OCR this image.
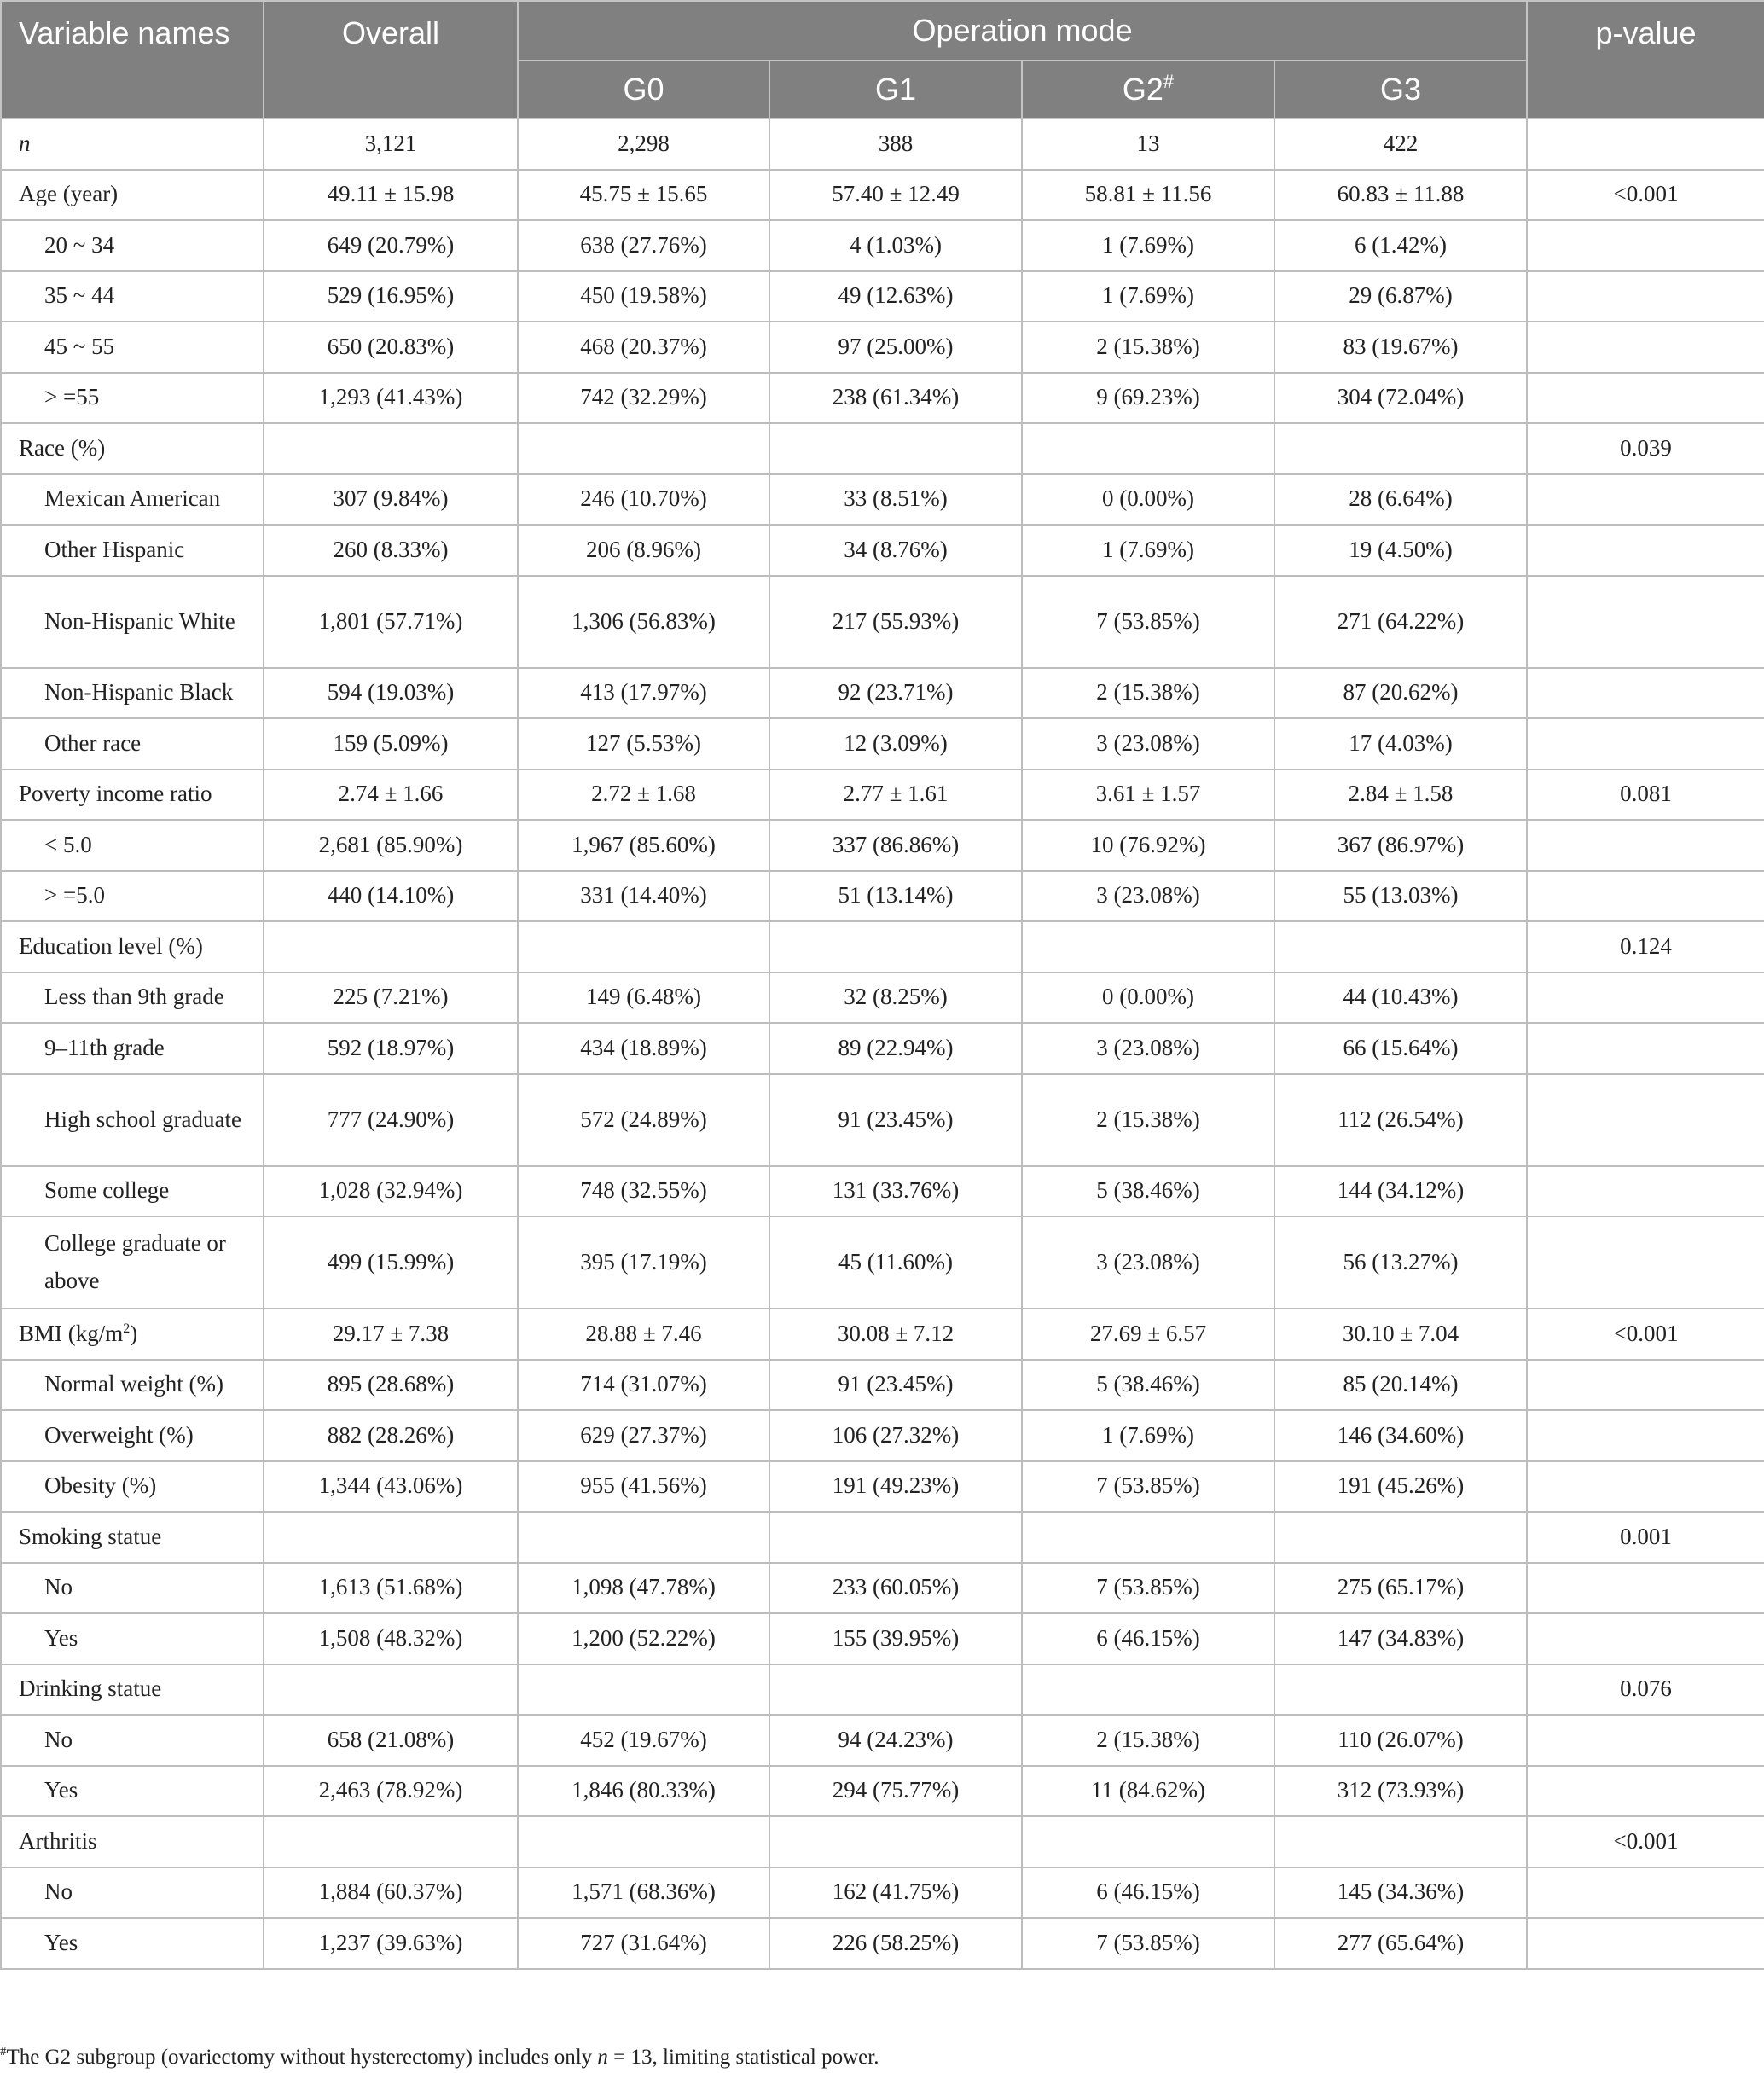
Variable names	Overall	Operation mode				p-value
		G0	G1	G2#	G3	
n	3,121	2,298	388	13	422	
Age (year)	49.11 ± 15.98	45.75 ± 15.65	57.40 ± 12.49	58.81 ± 11.56	60.83 ± 11.88	<0.001
20 ~ 34	649 (20.79%)	638 (27.76%)	4 (1.03%)	1 (7.69%)	6 (1.42%)	
35 ~ 44	529 (16.95%)	450 (19.58%)	49 (12.63%)	1 (7.69%)	29 (6.87%)	
45 ~ 55	650 (20.83%)	468 (20.37%)	97 (25.00%)	2 (15.38%)	83 (19.67%)	
> =55	1,293 (41.43%)	742 (32.29%)	238 (61.34%)	9 (69.23%)	304 (72.04%)	
Race (%)						0.039
Mexican American	307 (9.84%)	246 (10.70%)	33 (8.51%)	0 (0.00%)	28 (6.64%)	
Other Hispanic	260 (8.33%)	206 (8.96%)	34 (8.76%)	1 (7.69%)	19 (4.50%)	
Non-Hispanic White	1,801 (57.71%)	1,306 (56.83%)	217 (55.93%)	7 (53.85%)	271 (64.22%)	
Non-Hispanic Black	594 (19.03%)	413 (17.97%)	92 (23.71%)	2 (15.38%)	87 (20.62%)	
Other race	159 (5.09%)	127 (5.53%)	12 (3.09%)	3 (23.08%)	17 (4.03%)	
Poverty income ratio	2.74 ± 1.66	2.72 ± 1.68	2.77 ± 1.61	3.61 ± 1.57	2.84 ± 1.58	0.081
< 5.0	2,681 (85.90%)	1,967 (85.60%)	337 (86.86%)	10 (76.92%)	367 (86.97%)	
> =5.0	440 (14.10%)	331 (14.40%)	51 (13.14%)	3 (23.08%)	55 (13.03%)	
Education level (%)						0.124
Less than 9th grade	225 (7.21%)	149 (6.48%)	32 (8.25%)	0 (0.00%)	44 (10.43%)	
9–11th grade	592 (18.97%)	434 (18.89%)	89 (22.94%)	3 (23.08%)	66 (15.64%)	
High school graduate	777 (24.90%)	572 (24.89%)	91 (23.45%)	2 (15.38%)	112 (26.54%)	
Some college	1,028 (32.94%)	748 (32.55%)	131 (33.76%)	5 (38.46%)	144 (34.12%)	
College graduate or above	499 (15.99%)	395 (17.19%)	45 (11.60%)	3 (23.08%)	56 (13.27%)	
BMI $(kg/m^2)$	29.17 ± 7.38	28.88 ± 7.46	30.08 ± 7.12	27.69 ± 6.57	30.10 ± 7.04	<0.001
Normal weight (%)	895 (28.68%)	714 (31.07%)	91 (23.45%)	5 (38.46%)	85 (20.14%)	
Overweight (%)	882 (28.26%)	629 (27.37%)	106 (27.32%)	1 (7.69%)	146 (34.60%)	
Obesity (%)	1,344 (43.06%)	955 (41.56%)	191 (49.23%)	7 (53.85%)	191 (45.26%)	
Smoking statue						0.001
No	1,613 (51.68%)	1,098 (47.78%)	233 (60.05%)	7 (53.85%)	275 (65.17%)	
Yes	1,508 (48.32%)	1,200 (52.22%)	155 (39.95%)	6 (46.15%)	147 (34.83%)	
Drinking statue						0.076
No	658 (21.08%)	452 (19.67%)	94 (24.23%)	2 (15.38%)	110 (26.07%)	
Yes	2,463 (78.92%)	1,846 (80.33%)	294 (75.77%)	11 (84.62%)	312 (73.93%)	
Arthritis						<0.001
No	1,884 (60.37%)	1,571 (68.36%)	162 (41.75%)	6 (46.15%)	145 (34.36%)	
Yes	1,237 (39.63%)	727 (31.64%)	226 (58.25%)	7 (53.85%)	277 (65.64%)	
#The G2 subgroup (ovariectomy without hysterectomy) includes only n = 13, limiting statistical power.
